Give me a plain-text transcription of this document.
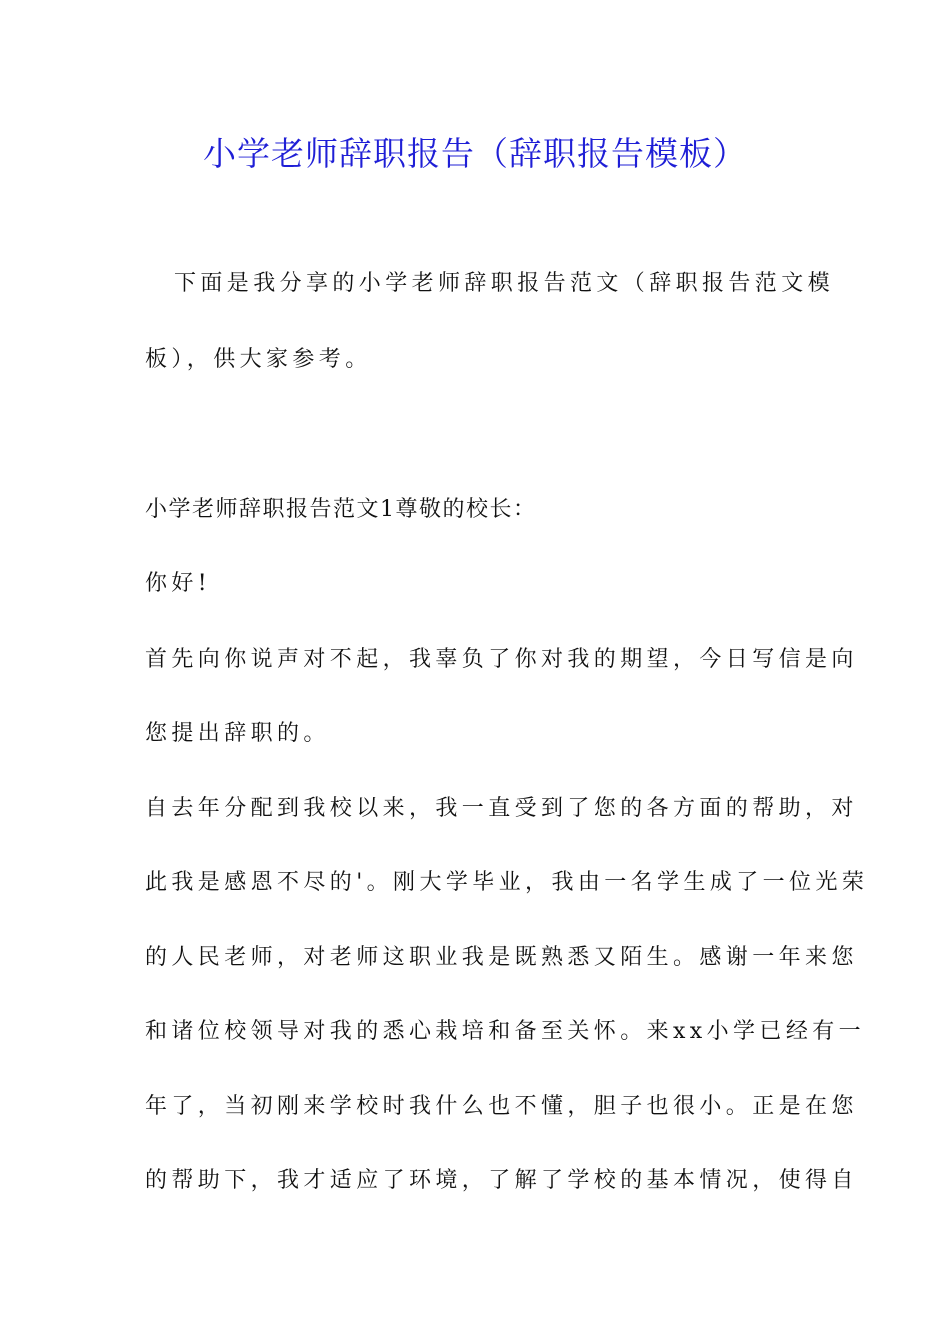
小学老师辞职报告（辞职报告模板）
下面是我分享的小学老师辞职报告范文（辞职报告范文模
板），供大家参考。
小学老师辞职报告范文1尊敬的校长：
你好!
首先向你说声对不起，我辜负了你对我的期望，今日写信是向
您提出辞职的。
自去年分配到我校以来，我一直受到了您的各方面的帮助，对
此我是感恩不尽的'。刚大学毕业，我由一名学生成了一位光荣
的人民老师，对老师这职业我是既熟悉又陌生。感谢一年来您
和诸位校领导对我的悉心栽培和备至关怀。来xx小学已经有一
年了，当初刚来学校时我什么也不懂，胆子也很小。正是在您
的帮助下，我才适应了环境，了解了学校的基本情况，使得自
